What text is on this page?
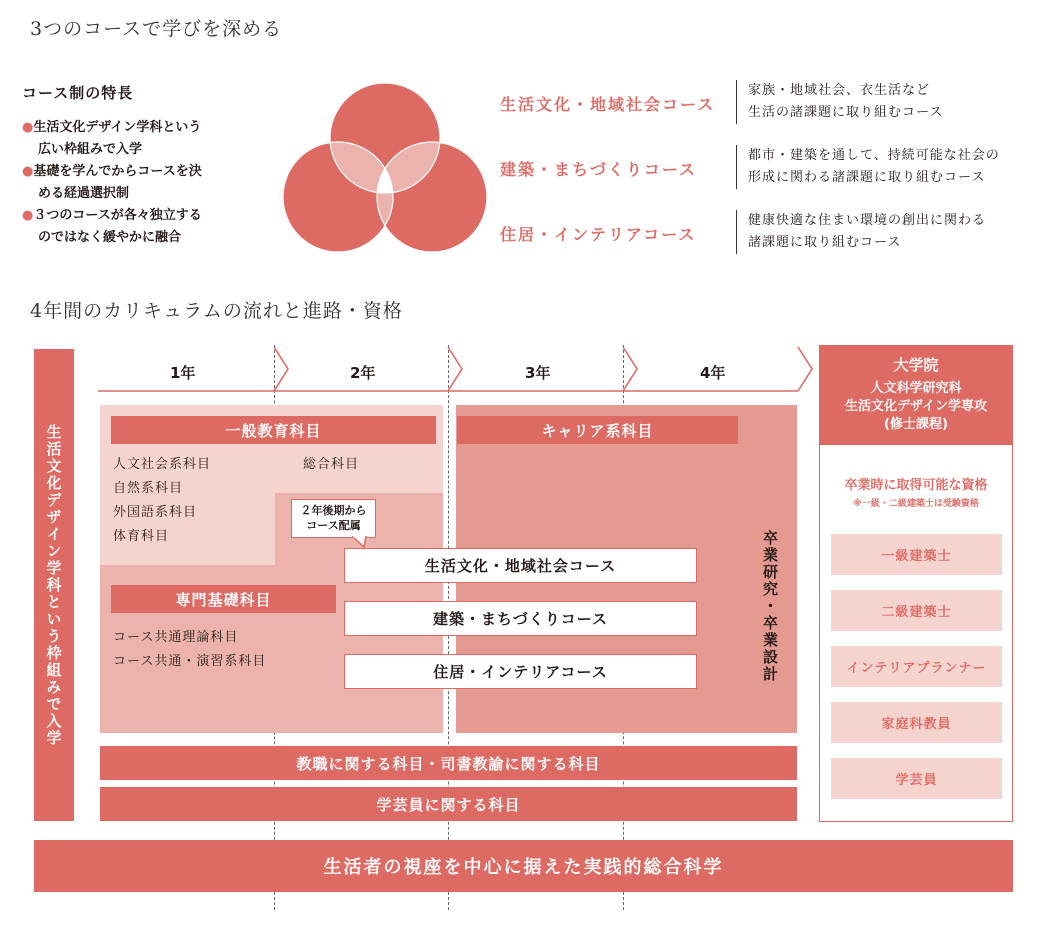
3つのコースで学びを深める
コース制の特長
●生活文化デザイン学科という
広い枠組みで入学
●基礎を学んでからコースを決
める経過選択制
●３つのコースが各々独立する
のではなく緩やかに融合
生活文化・地域社会コース
家族・地域社会、衣生活など
生活の諸課題に取り組むコース
建築・まちづくりコース
都市・建築を通して、持続可能な社会の
形成に関わる諸課題に取り組むコース
住居・インテリアコース
健康快適な住まい環境の創出に関わる
諸課題に取り組むコース
4年間のカリキュラムの流れと進路・資格
生活文化デザイン学科という枠組みで入学
1年	2年	3年	4年
一般教育科目
人文社会系科目
自然系科目
外国語系科目
体育科目
総合科目
キャリア系科目
２年後期から
コース配属
生活文化・地域社会コース
建築・まちづくりコース
住居・インテリアコース
専門基礎科目
コース共通理論科目
コース共通・演習系科目	卒業研究・卒業設計
教職に関する科目・司書教諭に関する科目
学芸員に関する科目
生活者の視座を中心に据えた実践的総合科学
大学院
人文科学研究科
生活文化デザイン学専攻
(修士課程)
卒業時に取得可能な資格
※一級・二級建築士は受験資格
一級建築士
二級建築士
インテリアプランナー
家庭科教員
学芸員
